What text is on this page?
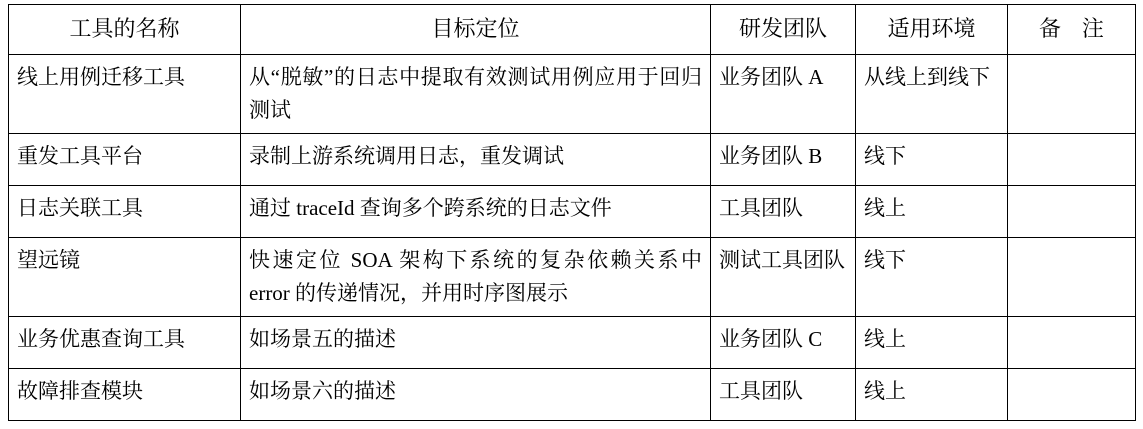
工具的名称	目标定位	研发团队	适用环境	备 注
线上用例迁移工具	从“脱敏”的日志中提取有效测试用例应用于回归测试	业务团队 A	从线上到线下	
重发工具平台	录制上游系统调用日志，重发调试	业务团队 B	线下	
日志关联工具	通过 traceId 查询多个跨系统的日志文件	工具团队	线上	
望远镜	快速定位 SOA 架构下系统的复杂依赖关系中 error 的传递情况，并用时序图展示	测试工具团队	线下	
业务优惠查询工具	如场景五的描述	业务团队 C	线上	
故障排查模块	如场景六的描述	工具团队	线上	
